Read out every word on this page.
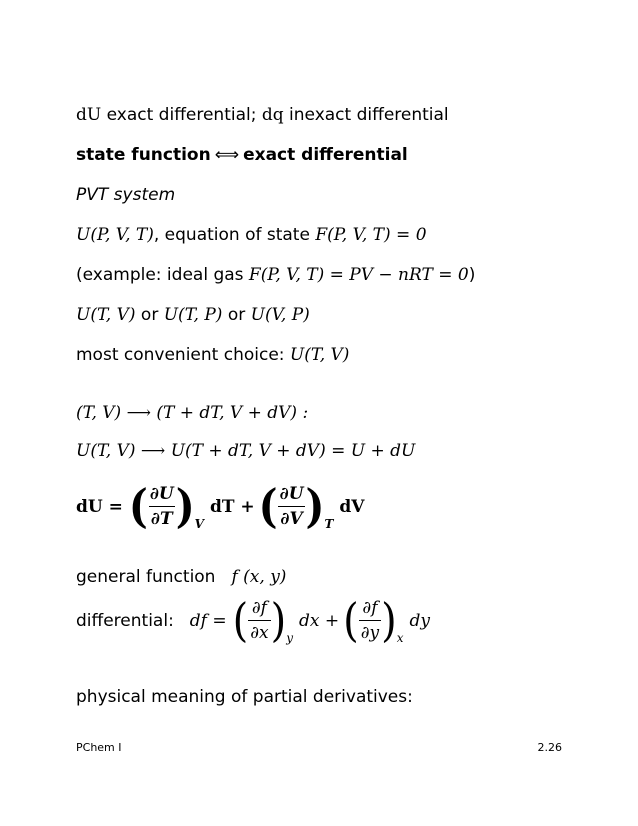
dU exact differential; dq inexact differential
state function ⟺ exact differential
PVT system
U(P, V, T), equation of state F(P, V, T) = 0
(example: ideal gas F(P, V, T) = PV − nRT = 0)
U(T, V) or U(T, P) or U(V, P)
most convenient choice: U(T, V)
(T, V) ⟶ (T + dT, V + dV) :
U(T, V) ⟶ U(T + dT, V + dV) = U + dU
dU = ( $\frac{\partial U}{\partial T}$ ) V
dT + ( $\frac{\partial U}{\partial V}$ ) T
dV
general function f (x, y)
differential: df = ( $\frac{\partial f}{\partial x}$ ) y
dx + ( $\frac{\partial f}{\partial y}$ ) x
dy
physical meaning of partial derivatives:
PChem I	2.26
